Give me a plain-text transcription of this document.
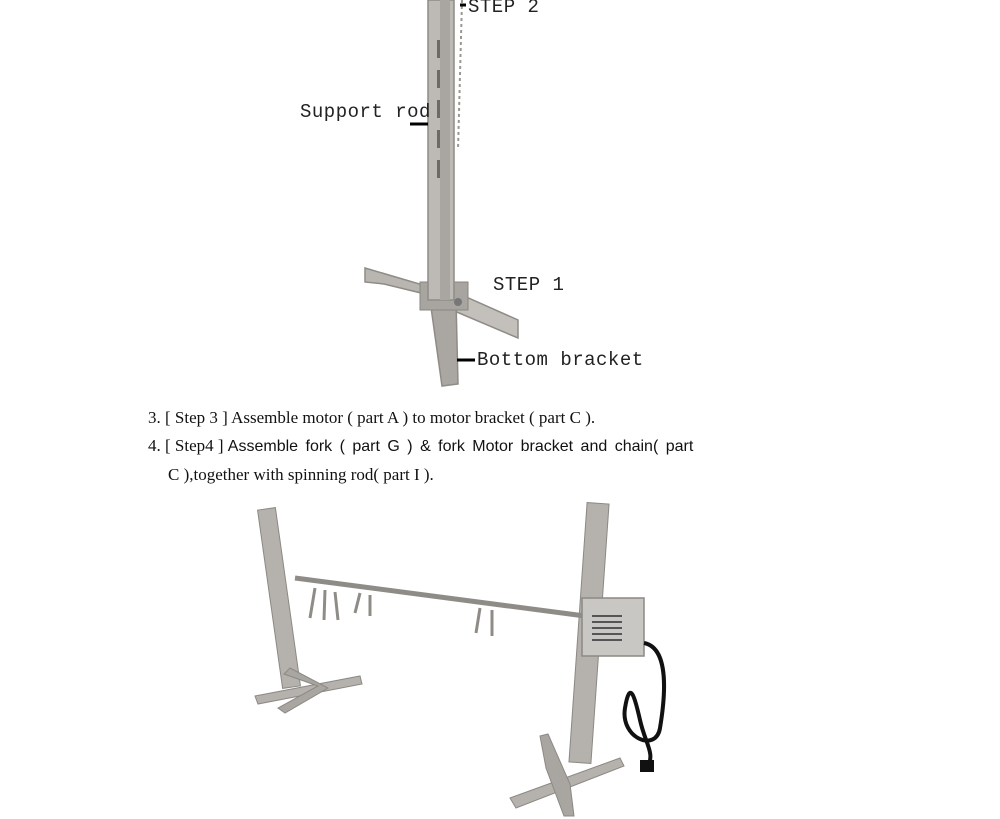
STEP 2
Support rod
STEP 1
Bottom bracket
3. [ Step 3 ] Assemble motor ( part A ) to motor bracket ( part C ).
4. [ Step4 ] Assemble fork ( part G ) & fork Motor bracket and chain( part
C ),together with spinning rod( part I ).
